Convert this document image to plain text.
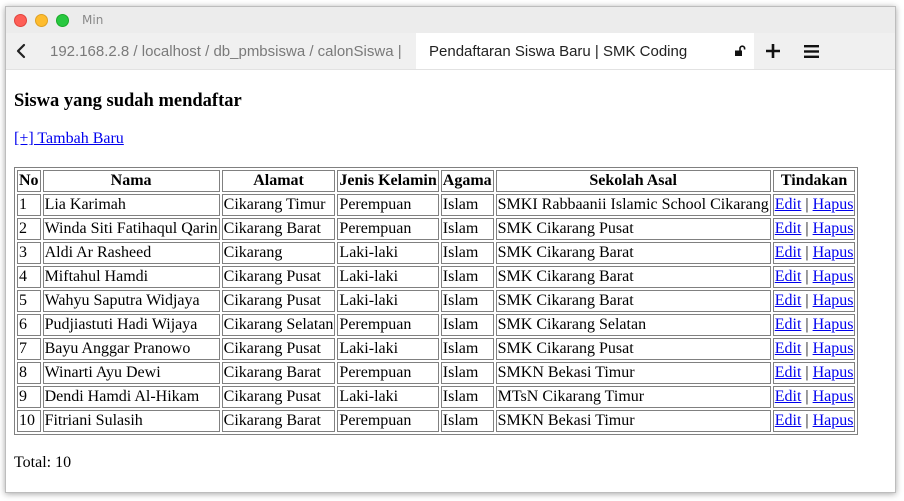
Min
192.168.2.8 / localhost / db_pmbsiswa / calonSiswa |	Pendaftaran Siswa Baru | SMK Coding
Siswa yang sudah mendaftar
[+] Tambah Baru
No	Nama	Alamat	Jenis Kelamin	Agama	Sekolah Asal	Tindakan
1	Lia Karimah	Cikarang Timur	Perempuan	Islam	SMKI Rabbaanii Islamic School Cikarang	Edit | Hapus
2	Winda Siti Fatihaqul Qarin	Cikarang Barat	Perempuan	Islam	SMK Cikarang Pusat	Edit | Hapus
3	Aldi Ar Rasheed	Cikarang	Laki-laki	Islam	SMK Cikarang Barat	Edit | Hapus
4	Miftahul Hamdi	Cikarang Pusat	Laki-laki	Islam	SMK Cikarang Barat	Edit | Hapus
5	Wahyu Saputra Widjaya	Cikarang Pusat	Laki-laki	Islam	SMK Cikarang Barat	Edit | Hapus
6	Pudjiastuti Hadi Wijaya	Cikarang Selatan	Perempuan	Islam	SMK Cikarang Selatan	Edit | Hapus
7	Bayu Anggar Pranowo	Cikarang Pusat	Laki-laki	Islam	SMK Cikarang Pusat	Edit | Hapus
8	Winarti Ayu Dewi	Cikarang Barat	Perempuan	Islam	SMKN Bekasi Timur	Edit | Hapus
9	Dendi Hamdi Al-Hikam	Cikarang Pusat	Laki-laki	Islam	MTsN Cikarang Timur	Edit | Hapus
10	Fitriani Sulasih	Cikarang Barat	Perempuan	Islam	SMKN Bekasi Timur	Edit | Hapus
Total: 10
